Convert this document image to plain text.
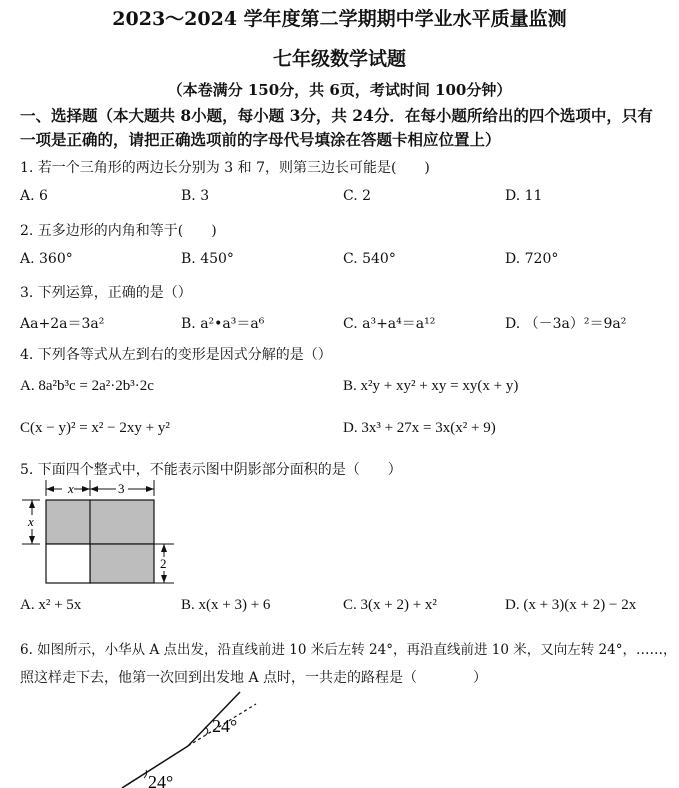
2023～2024 学年度第二学期期中学业水平质量监测
七年级数学试题
（本卷满分 150分，共 6页，考试时间 100分钟）
一、选择题（本大题共 8小题，每小题 3分，共 24分．在每小题所给出的四个选项中，只有
一项是正确的，请把正确选项前的字母代号填涂在答题卡相应位置上）
1. 若一个三角形的两边长分别为 3 和 7，则第三边长可能是(　　)
A. 6	B. 3	C. 2	D. 11
2. 五多边形的内角和等于(　　)
A. 360°	B. 450°	C. 540°	D. 720°
3. 下列运算，正确的是（）
Aa+2a＝3a²	B. a²•a³＝a⁶	C. a³+a⁴＝a¹²	D. （－3a）²＝9a²
4. 下列各等式从左到右的变形是因式分解的是（）
A. 8a²b³c = 2a²·2b³·2c	B. x²y + xy² + xy = xy(x + y)
C(x − y)² = x² − 2xy + y²	D. 3x³ + 27x = 3x(x² + 9)
5. 下面四个整式中，不能表示图中阴影部分面积的是（　　）
x	3
x
2
A. x² + 5x	B. x(x + 3) + 6	C. 3(x + 2) + x²	D. (x + 3)(x + 2) − 2x
6. 如图所示，小华从 A 点出发，沿直线前进 10 米后左转 24°，再沿直线前进 10 米，又向左转 24°，……，
照这样走下去，他第一次回到出发地 A 点时，一共走的路程是（　　　　）
24°
24°
